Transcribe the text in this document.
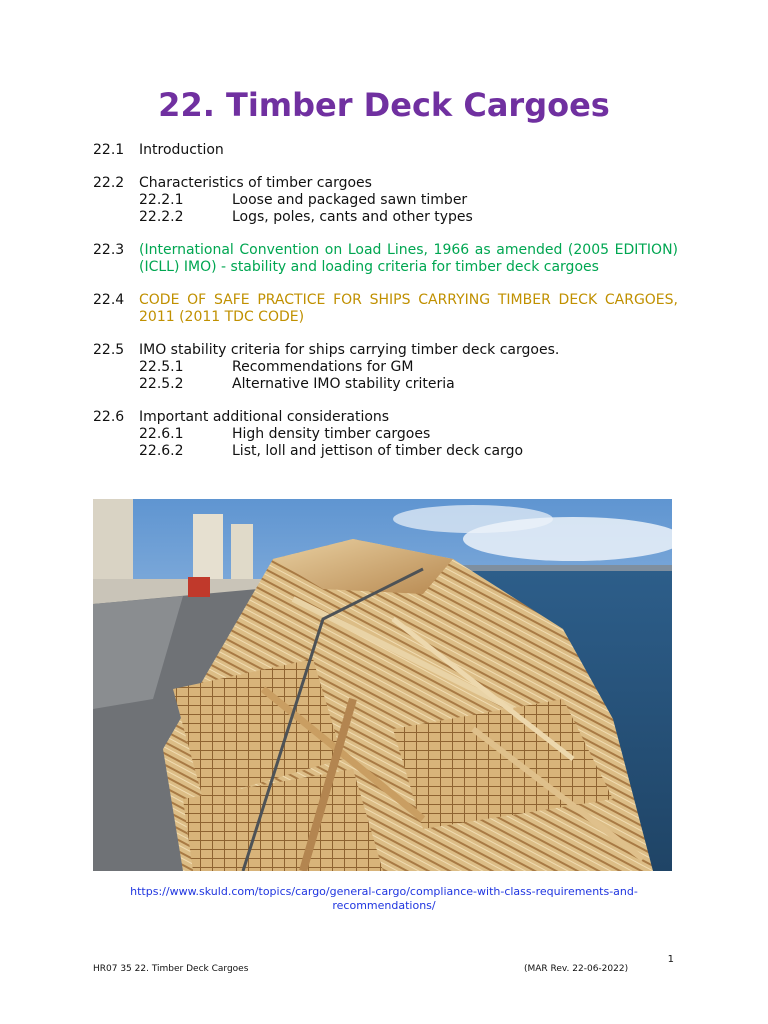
22. Timber Deck Cargoes
22.1	Introduction
22.2	Characteristics of timber cargoes
22.2.1	Loose and packaged sawn timber
22.2.2	Logs, poles, cants and other types
22.3	(International Convention on Load Lines, 1966 as amended (2005 EDITION) (ICLL) IMO) - stability and loading criteria for timber deck cargoes
22.4	CODE OF SAFE PRACTICE FOR SHIPS CARRYING TIMBER DECK CARGOES, 2011 (2011 TDC CODE)
22.5	IMO stability criteria for ships carrying timber deck cargoes.
22.5.1	Recommendations for GM
22.5.2	Alternative IMO stability criteria
22.6	Important additional considerations
22.6.1	High density timber cargoes
22.6.2	List, loll and jettison of timber deck cargo
https://www.skuld.com/topics/cargo/general-cargo/compliance-with-class-requirements-and-
recommendations/
1
HR07 35 22. Timber Deck Cargoes	(MAR Rev. 22-06-2022)
